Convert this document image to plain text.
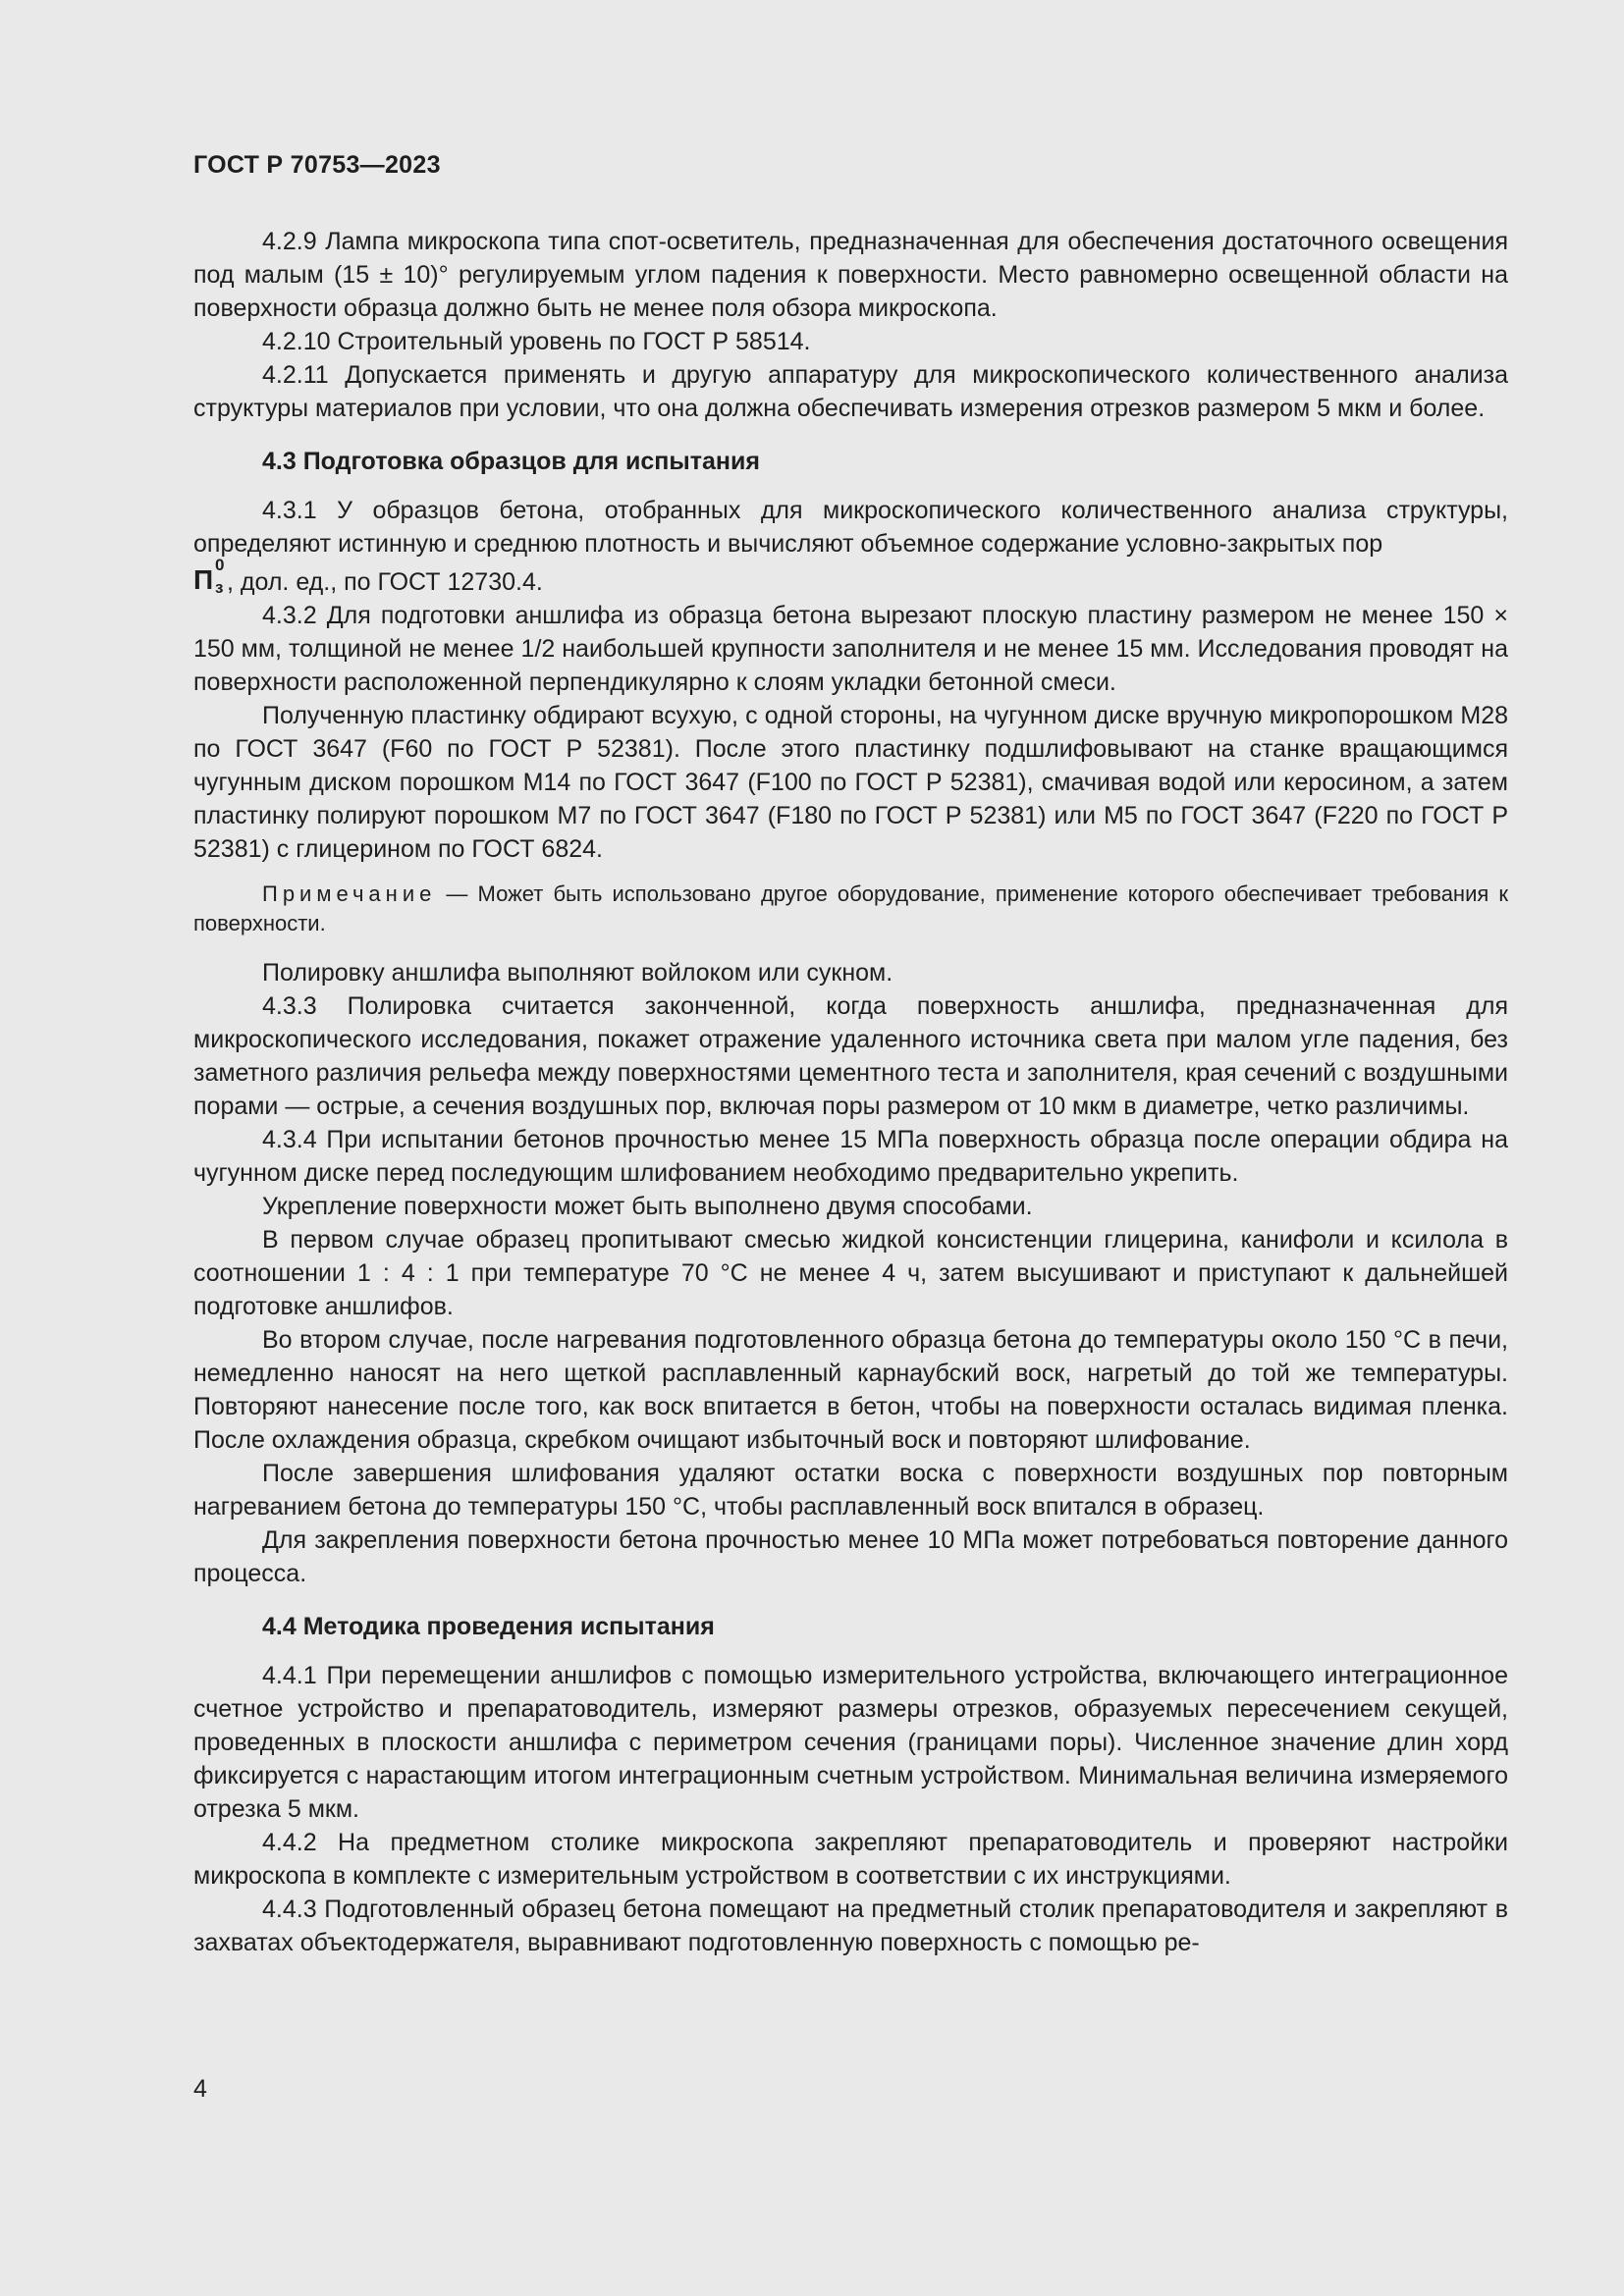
ГОСТ Р 70753—2023

4.2.9 Лампа микроскопа типа спот-осветитель, предназначенная для обеспечения достаточного освещения под малым (15 ± 10)° регулируемым углом падения к поверхности. Место равномерно освещенной области на поверхности образца должно быть не менее поля обзора микроскопа.

4.2.10 Строительный уровень по ГОСТ Р 58514.

4.2.11 Допускается применять и другую аппаратуру для микроскопического количественного анализа структуры материалов при условии, что она должна обеспечивать измерения отрезков размером 5 мкм и более.

4.3 Подготовка образцов для испытания

4.3.1 У образцов бетона, отобранных для микроскопического количественного анализа структуры, определяют истинную и среднюю плотность и вычисляют объемное содержание условно-закрытых пор

П 0
з , дол. ед., по ГОСТ 12730.4.

4.3.2 Для подготовки аншлифа из образца бетона вырезают плоскую пластину размером не менее 150 × 150 мм, толщиной не менее 1/2 наибольшей крупности заполнителя и не менее 15 мм. Исследования проводят на поверхности расположенной перпендикулярно к слоям укладки бетонной смеси.

Полученную пластинку обдирают всухую, с одной стороны, на чугунном диске вручную микропорошком М28 по ГОСТ 3647 (F60 по ГОСТ Р 52381). После этого пластинку подшлифовывают на станке вращающимся чугунным диском порошком М14 по ГОСТ 3647 (F100 по ГОСТ Р 52381), смачивая водой или керосином, а затем пластинку полируют порошком М7 по ГОСТ 3647 (F180 по ГОСТ Р 52381) или М5 по ГОСТ 3647 (F220 по ГОСТ Р 52381) с глицерином по ГОСТ 6824.

Примечание — Может быть использовано другое оборудование, применение которого обеспечивает требования к поверхности.

Полировку аншлифа выполняют войлоком или сукном.

4.3.3 Полировка считается законченной, когда поверхность аншлифа, предназначенная для микроскопического исследования, покажет отражение удаленного источника света при малом угле падения, без заметного различия рельефа между поверхностями цементного теста и заполнителя, края сечений с воздушными порами — острые, а сечения воздушных пор, включая поры размером от 10 мкм в диаметре, четко различимы.

4.3.4 При испытании бетонов прочностью менее 15 МПа поверхность образца после операции обдира на чугунном диске перед последующим шлифованием необходимо предварительно укрепить.

Укрепление поверхности может быть выполнено двумя способами.

В первом случае образец пропитывают смесью жидкой консистенции глицерина, канифоли и ксилола в соотношении 1 : 4 : 1 при температуре 70 °С не менее 4 ч, затем высушивают и приступают к дальнейшей подготовке аншлифов.

Во втором случае, после нагревания подготовленного образца бетона до температуры около 150 °С в печи, немедленно наносят на него щеткой расплавленный карнаубский воск, нагретый до той же температуры. Повторяют нанесение после того, как воск впитается в бетон, чтобы на поверхности осталась видимая пленка. После охлаждения образца, скребком очищают избыточный воск и повторяют шлифование.

После завершения шлифования удаляют остатки воска с поверхности воздушных пор повторным нагреванием бетона до температуры 150 °С, чтобы расплавленный воск впитался в образец.

Для закрепления поверхности бетона прочностью менее 10 МПа может потребоваться повторение данного процесса.

4.4 Методика проведения испытания

4.4.1 При перемещении аншлифов с помощью измерительного устройства, включающего интеграционное счетное устройство и препаратоводитель, измеряют размеры отрезков, образуемых пересечением секущей, проведенных в плоскости аншлифа с периметром сечения (границами поры). Численное значение длин хорд фиксируется с нарастающим итогом интеграционным счетным устройством. Минимальная величина измеряемого отрезка 5 мкм.

4.4.2 На предметном столике микроскопа закрепляют препаратоводитель и проверяют настройки микроскопа в комплекте с измерительным устройством в соответствии с их инструкциями.

4.4.3 Подготовленный образец бетона помещают на предметный столик препаратоводителя и закрепляют в захватах объектодержателя, выравнивают подготовленную поверхность с помощью ре-

4
